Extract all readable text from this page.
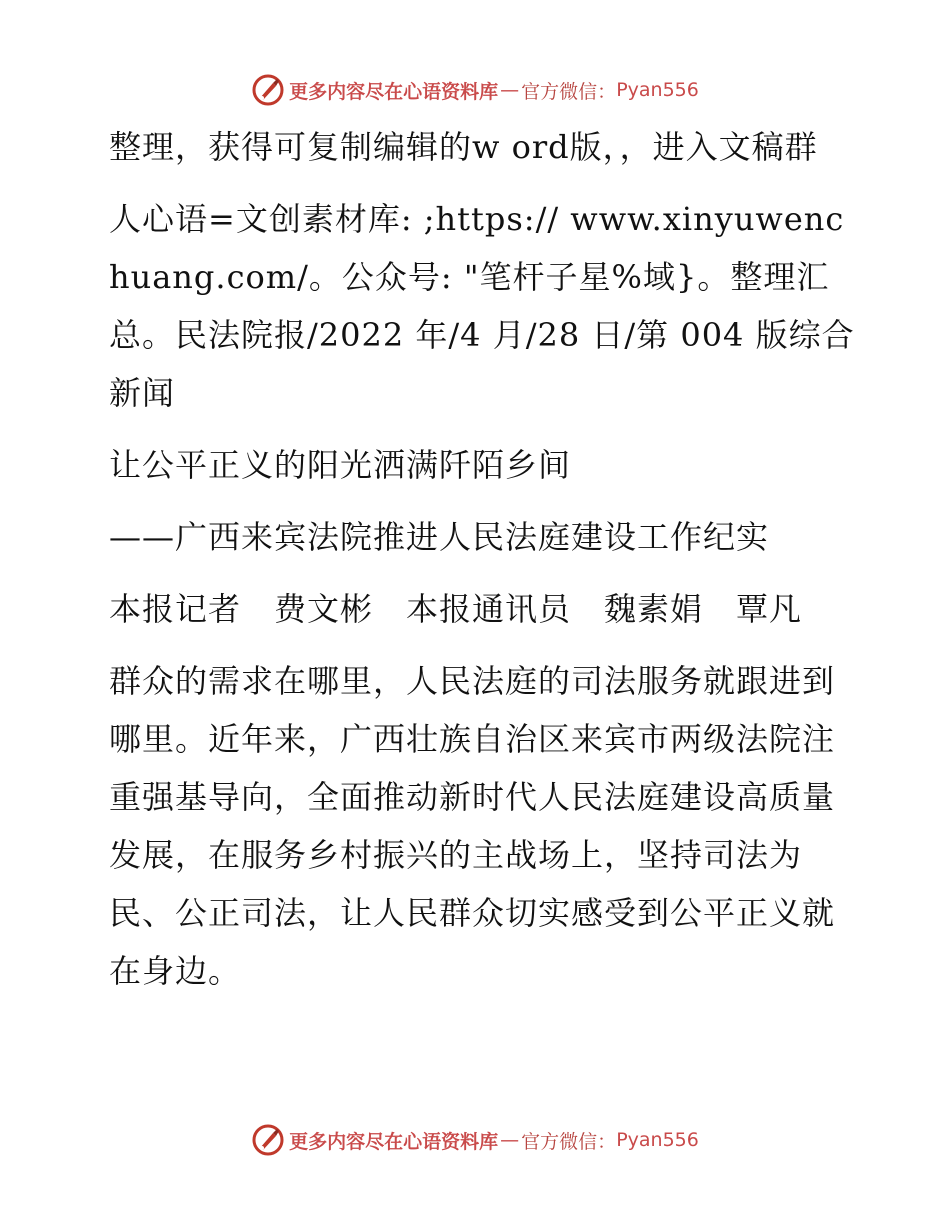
更多内容尽在心语资料库 — 官方微信： Pyan556

整理，获得可复制编辑的w ord版，，进入文稿群

人心语=文创素材库: ;https:// www.xinyuwenchuang.com/。公众号: "笔杆子星%域}。整理汇总。民法院报/2022 年/4 月/28 日/第 004 版综合新闻

让公平正义的阳光洒满阡陌乡间

——广西来宾法院推进人民法庭建设工作纪实

本报记者　费文彬　本报通讯员　魏素娟　覃凡

群众的需求在哪里，人民法庭的司法服务就跟进到哪里。近年来，广西壮族自治区来宾市两级法院注重强基导向，全面推动新时代人民法庭建设高质量发展，在服务乡村振兴的主战场上，坚持司法为民、公正司法，让人民群众切实感受到公平正义就在身边。

更多内容尽在心语资料库 — 官方微信： Pyan556
